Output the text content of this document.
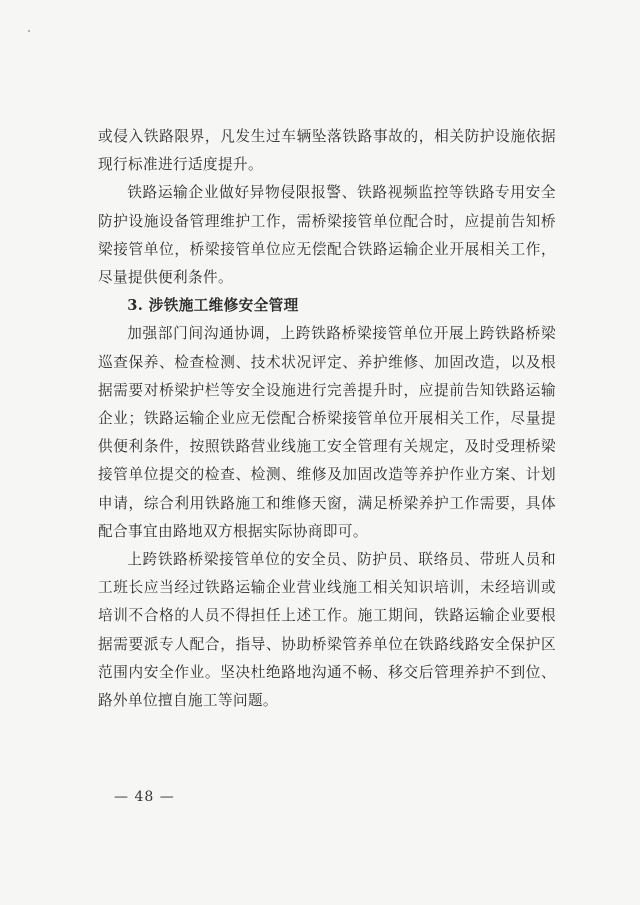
或侵入铁路限界，凡发生过车辆坠落铁路事故的，相关防护设施依据现行标准进行适度提升。

铁路运输企业做好异物侵限报警、铁路视频监控等铁路专用安全防护设施设备管理维护工作，需桥梁接管单位配合时，应提前告知桥梁接管单位，桥梁接管单位应无偿配合铁路运输企业开展相关工作，尽量提供便利条件。

3. 涉铁施工维修安全管理

加强部门间沟通协调，上跨铁路桥梁接管单位开展上跨铁路桥梁巡查保养、检查检测、技术状况评定、养护维修、加固改造，以及根据需要对桥梁护栏等安全设施进行完善提升时，应提前告知铁路运输企业；铁路运输企业应无偿配合桥梁接管单位开展相关工作，尽量提供便利条件，按照铁路营业线施工安全管理有关规定，及时受理桥梁接管单位提交的检查、检测、维修及加固改造等养护作业方案、计划申请，综合利用铁路施工和维修天窗，满足桥梁养护工作需要，具体配合事宜由路地双方根据实际协商即可。

上跨铁路桥梁接管单位的安全员、防护员、联络员、带班人员和工班长应当经过铁路运输企业营业线施工相关知识培训，未经培训或培训不合格的人员不得担任上述工作。施工期间，铁路运输企业要根据需要派专人配合，指导、协助桥梁管养单位在铁路线路安全保护区范围内安全作业。坚决杜绝路地沟通不畅、移交后管理养护不到位、路外单位擅自施工等问题。

— 48 —
